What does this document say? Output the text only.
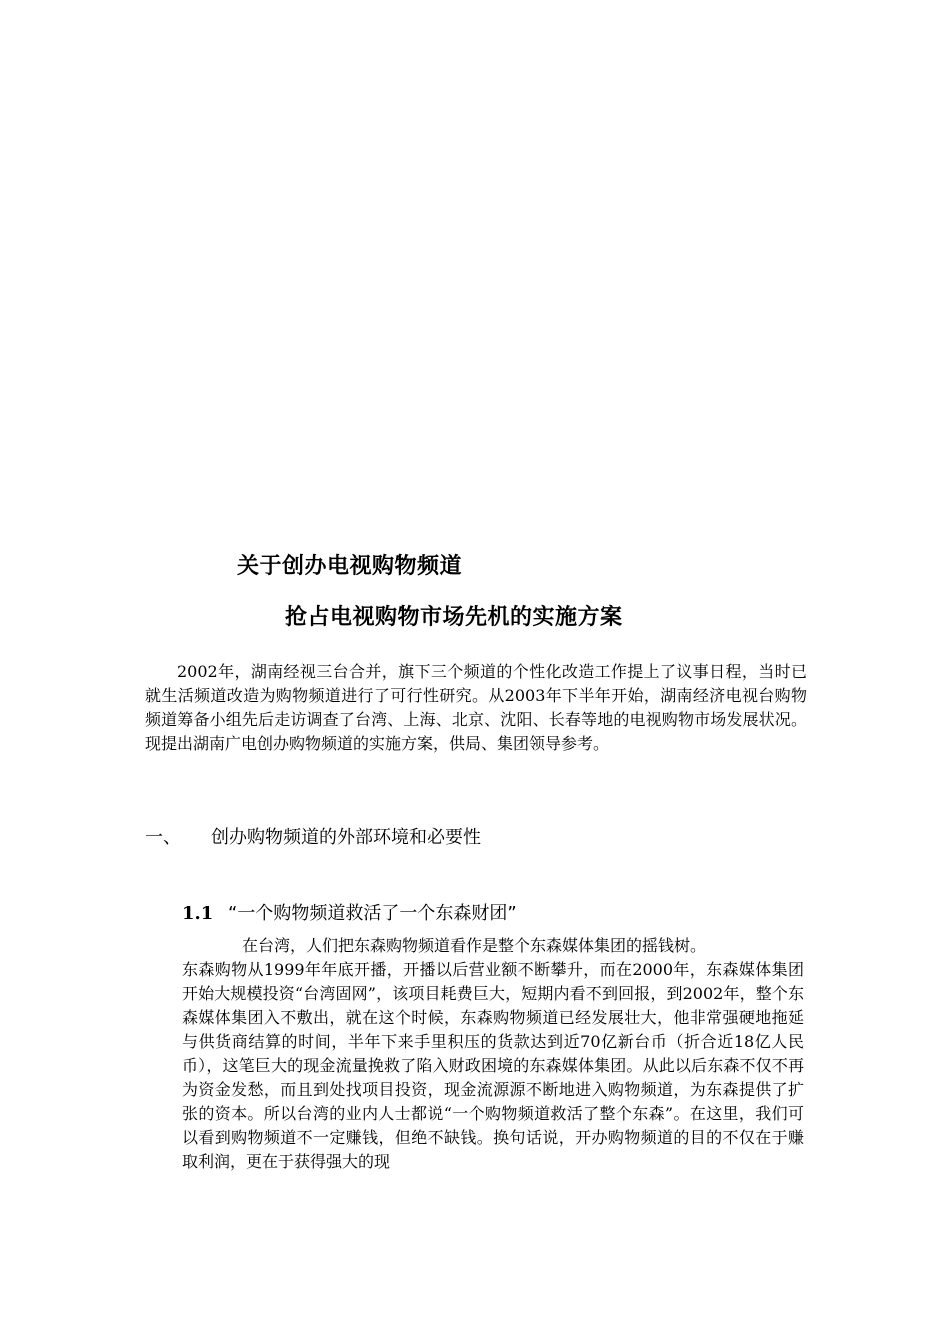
关于创办电视购物频道
抢占电视购物市场先机的实施方案
2002年，湖南经视三台合并，旗下三个频道的个性化改造工作提上了议事日程，当时已就生活频道改造为购物频道进行了可行性研究。从2003年下半年开始，湖南经济电视台购物频道筹备小组先后走访调查了台湾、上海、北京、沈阳、长春等地的电视购物市场发展状况。现提出湖南广电创办购物频道的实施方案，供局、集团领导参考。
一、 创办购物频道的外部环境和必要性
1.1 “一个购物频道救活了一个东森财团”
在台湾，人们把东森购物频道看作是整个东森媒体集团的摇钱树。
东森购物从1999年年底开播，开播以后营业额不断攀升，而在2000年，东森媒体集团开始大规模投资“台湾固网”，该项目耗费巨大，短期内看不到回报，到2002年，整个东森媒体集团入不敷出，就在这个时候，东森购物频道已经发展壮大，他非常强硬地拖延与供货商结算的时间，半年下来手里积压的货款达到近70亿新台币（折合近18亿人民币），这笔巨大的现金流量挽救了陷入财政困境的东森媒体集团。从此以后东森不仅不再为资金发愁，而且到处找项目投资，现金流源源不断地进入购物频道，为东森提供了扩张的资本。所以台湾的业内人士都说“一个购物频道救活了整个东森”。在这里，我们可以看到购物频道不一定赚钱，但绝不缺钱。换句话说，开办购物频道的目的不仅在于赚取利润，更在于获得强大的现
